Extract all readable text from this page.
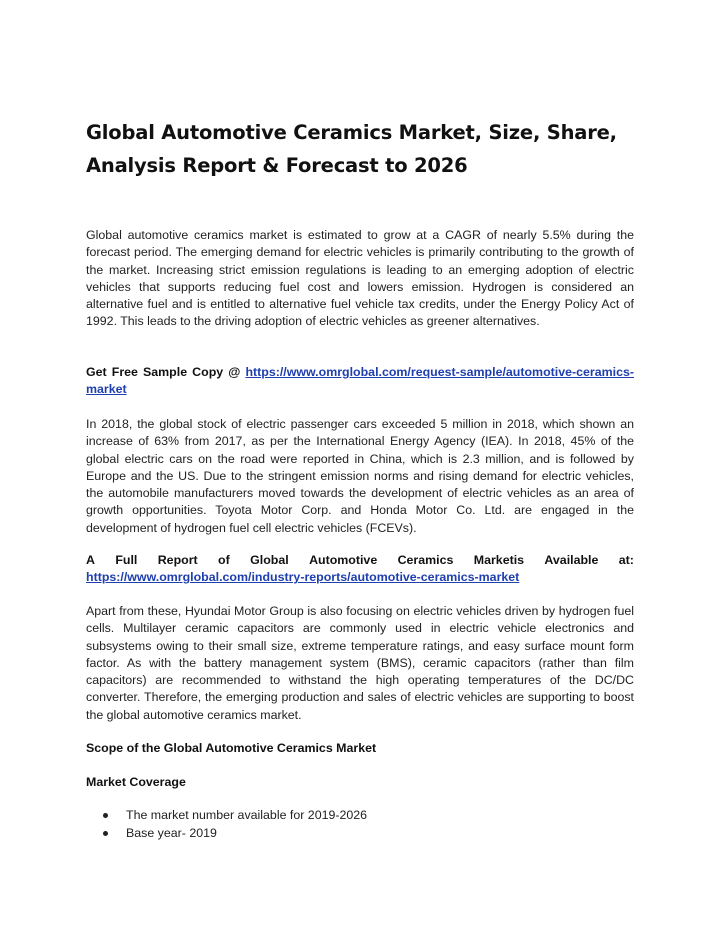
Global Automotive Ceramics Market, Size, Share,
Analysis Report & Forecast to 2026

Global automotive ceramics market is estimated to grow at a CAGR of nearly 5.5% during the forecast period. The emerging demand for electric vehicles is primarily contributing to the growth of the market. Increasing strict emission regulations is leading to an emerging adoption of electric vehicles that supports reducing fuel cost and lowers emission. Hydrogen is considered an alternative fuel and is entitled to alternative fuel vehicle tax credits, under the Energy Policy Act of 1992. This leads to the driving adoption of electric vehicles as greener alternatives.

Get Free Sample Copy @ https://www.omrglobal.com/request-sample/automotive-ceramics-market

In 2018, the global stock of electric passenger cars exceeded 5 million in 2018, which shown an increase of 63% from 2017, as per the International Energy Agency (IEA). In 2018, 45% of the global electric cars on the road were reported in China, which is 2.3 million, and is followed by Europe and the US. Due to the stringent emission norms and rising demand for electric vehicles, the automobile manufacturers moved towards the development of electric vehicles as an area of growth opportunities. Toyota Motor Corp. and Honda Motor Co. Ltd. are engaged in the development of hydrogen fuel cell electric vehicles (FCEVs).

A Full Report of Global Automotive Ceramics Marketis Available at:
https://www.omrglobal.com/industry-reports/automotive-ceramics-market

Apart from these, Hyundai Motor Group is also focusing on electric vehicles driven by hydrogen fuel cells. Multilayer ceramic capacitors are commonly used in electric vehicle electronics and subsystems owing to their small size, extreme temperature ratings, and easy surface mount form factor. As with the battery management system (BMS), ceramic capacitors (rather than film capacitors) are recommended to withstand the high operating temperatures of the DC/DC converter. Therefore, the emerging production and sales of electric vehicles are supporting to boost the global automotive ceramics market.

Scope of the Global Automotive Ceramics Market

Market Coverage

The market number available for 2019-2026
Base year- 2019
